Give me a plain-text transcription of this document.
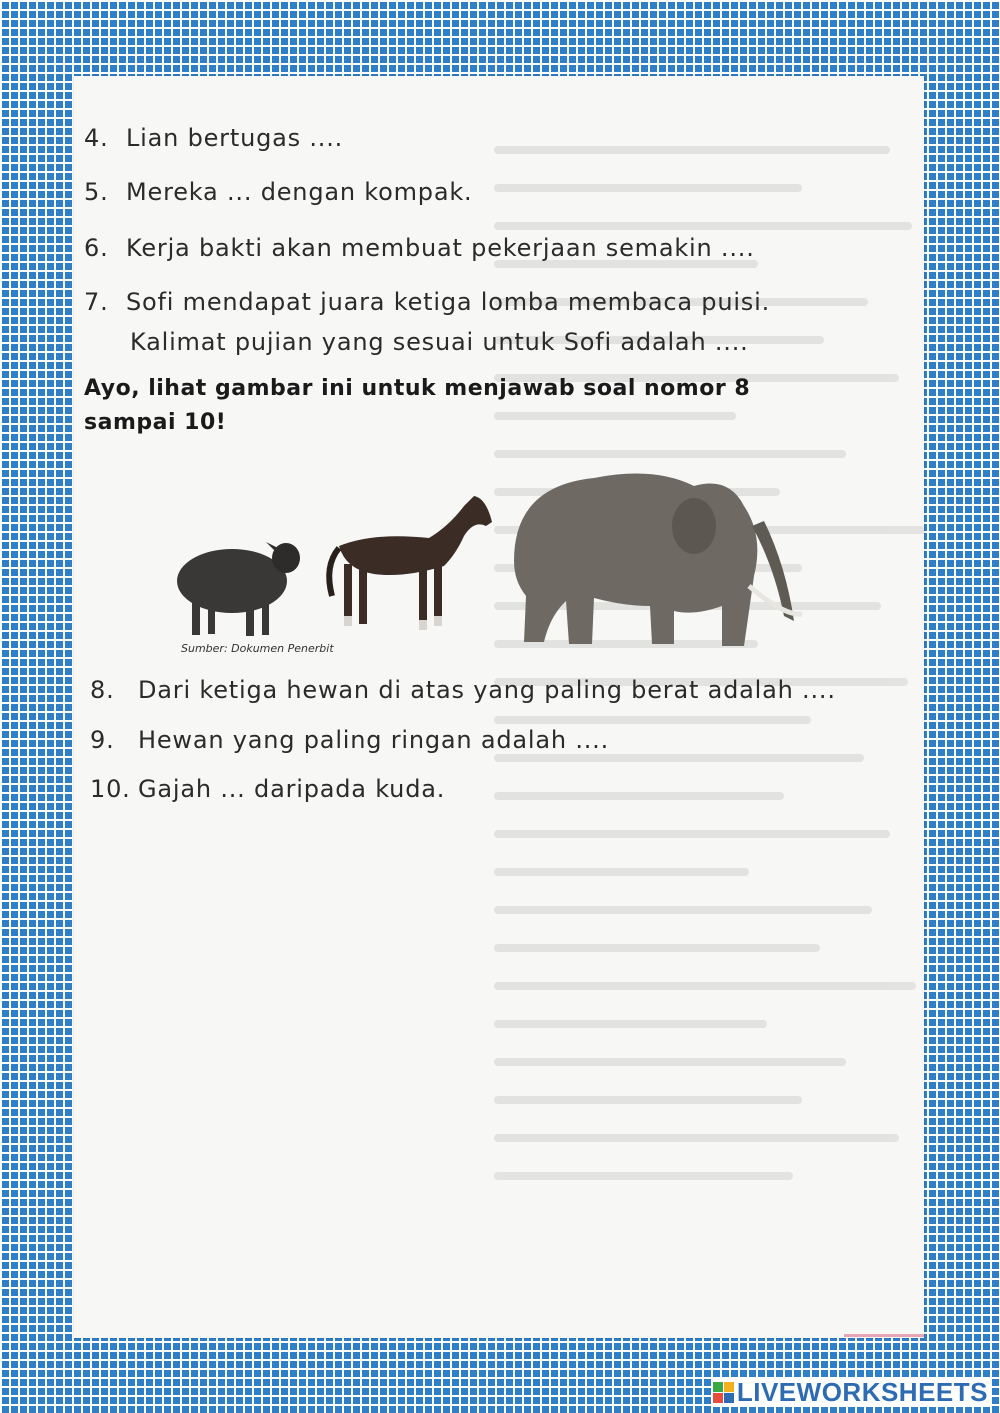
4. Lian bertugas ....
5. Mereka ... dengan kompak.
6. Kerja bakti akan membuat pekerjaan semakin ....
7. Sofi mendapat juara ketiga lomba membaca puisi.
Kalimat pujian yang sesuai untuk Sofi adalah ....
Ayo, lihat gambar ini untuk menjawab soal nomor 8 sampai 10!
Sumber: Dokumen Penerbit
8. Dari ketiga hewan di atas yang paling berat adalah ....
9. Hewan yang paling ringan adalah ....
10. Gajah ... daripada kuda.
LIVEWORKSHEETS
